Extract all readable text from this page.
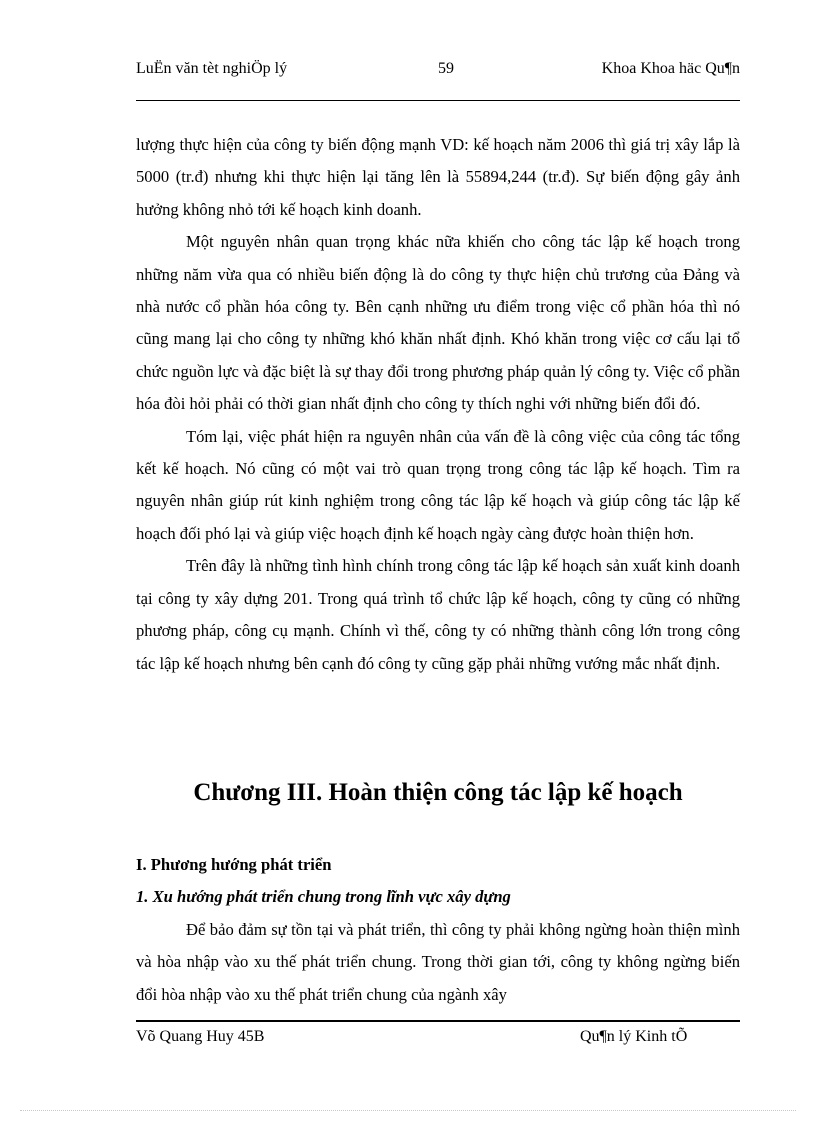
LuËn văn tèt nghiÖp lý	59	Khoa Khoa häc Qu¶n

lượng thực hiện của công ty biến động mạnh VD: kế hoạch năm 2006 thì giá trị xây lắp là 5000 (tr.đ) nhưng khi thực hiện lại tăng lên là 55894,244 (tr.đ). Sự biến động gây ảnh hưởng không nhỏ tới kế hoạch kinh doanh.

Một nguyên nhân quan trọng khác nữa khiến cho công tác lập kế hoạch trong những năm vừa qua có nhiều biến động là do công ty thực hiện chủ trương của Đảng và nhà nước cổ phần hóa công ty. Bên cạnh những ưu điểm trong việc cổ phần hóa thì nó cũng mang lại cho công ty những khó khăn nhất định. Khó khăn trong việc cơ cấu lại tổ chức nguồn lực và đặc biệt là sự thay đổi trong phương pháp quản lý công ty. Việc cổ phần hóa đòi hỏi phải có thời gian nhất định cho công ty thích nghi với những biến đổi đó.

Tóm lại, việc phát hiện ra nguyên nhân của vấn đề là công việc của công tác tổng kết kế hoạch. Nó cũng có một vai trò quan trọng trong công tác lập kế hoạch. Tìm ra nguyên nhân giúp rút kinh nghiệm trong công tác lập kế hoạch và giúp công tác lập kế hoạch đối phó lại và giúp việc hoạch định kế hoạch ngày càng được hoàn thiện hơn.

Trên đây là những tình hình chính trong công tác lập kế hoạch sản xuất kinh doanh tại công ty xây dựng 201. Trong quá trình tổ chức lập kế hoạch, công ty cũng có những phương pháp, công cụ mạnh. Chính vì thế, công ty có những thành công lớn trong công tác lập kế hoạch nhưng bên cạnh đó công ty cũng gặp phải những vướng mắc nhất định.

Chương III. Hoàn thiện công tác lập kế hoạch
I. Phương hướng phát triển
1. Xu hướng phát triển chung trong lĩnh vực xây dựng

Để bảo đảm sự tồn tại và phát triển, thì công ty phải không ngừng hoàn thiện mình và hòa nhập vào xu thế phát triển chung. Trong thời gian tới, công ty không ngừng biến đổi hòa nhập vào xu thế phát triển chung của ngành xây

Võ Quang Huy 45B	Qu¶n lý Kinh tÕ
